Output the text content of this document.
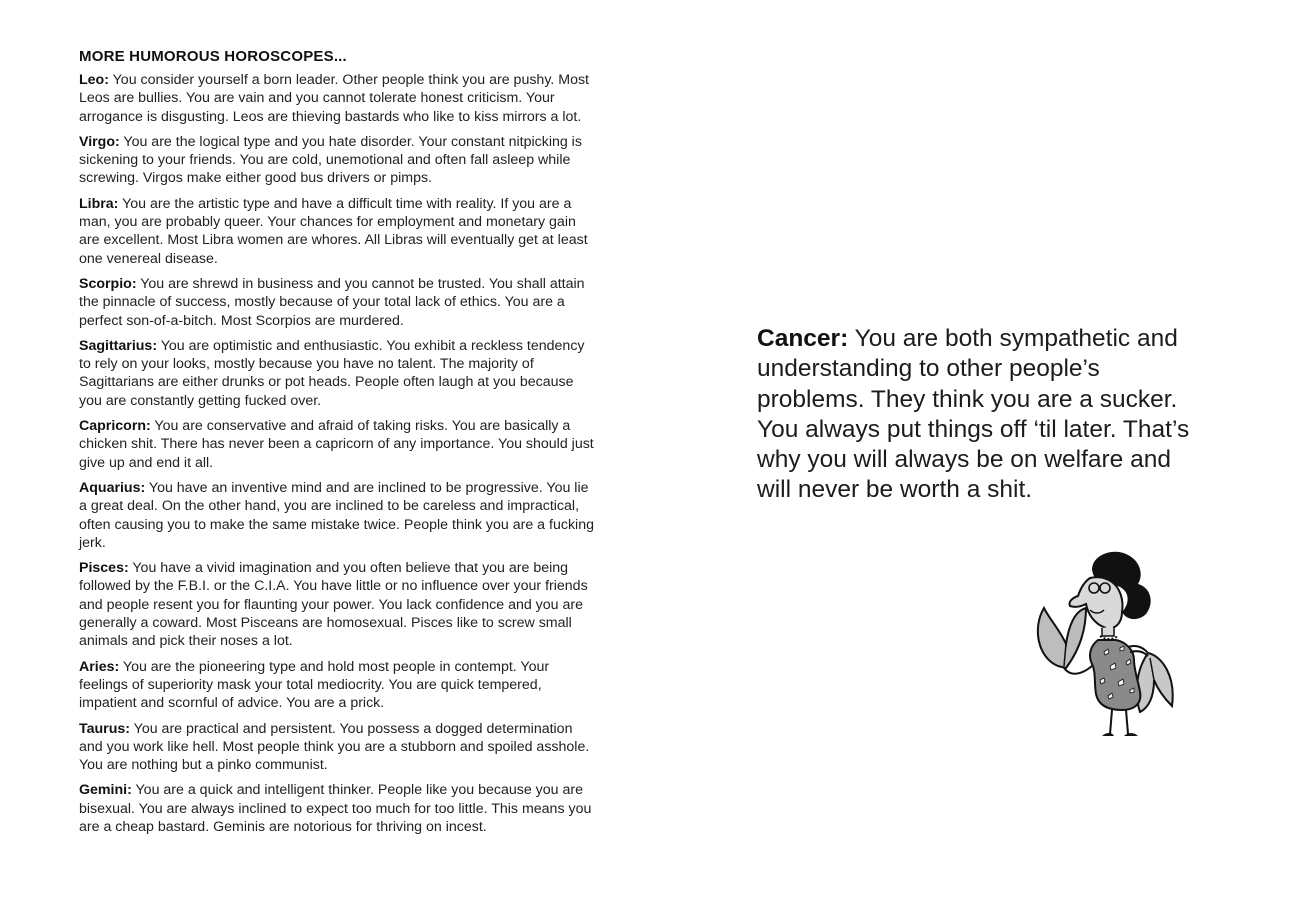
MORE HUMOROUS HOROSCOPES...

Leo: You consider yourself a born leader. Other people think you are pushy. Most Leos are bullies. You are vain and you cannot tolerate honest criticism. Your arrogance is disgusting. Leos are thieving bastards who like to kiss mirrors a lot.

Virgo: You are the logical type and you hate disorder. Your constant nitpicking is sickening to your friends. You are cold, unemotional and often fall asleep while screwing. Virgos make either good bus drivers or pimps.

Libra: You are the artistic type and have a difficult time with reality. If you are a man, you are probably queer. Your chances for employment and monetary gain are excellent. Most Libra women are whores. All Libras will eventually get at least one venereal disease.

Scorpio: You are shrewd in business and you cannot be trusted. You shall attain the pinnacle of success, mostly because of your total lack of ethics. You are a perfect son-of-a-bitch. Most Scorpios are murdered.

Sagittarius: You are optimistic and enthusiastic. You exhibit a reckless tendency to rely on your looks, mostly because you have no talent. The majority of Sagittarians are either drunks or pot heads. People often laugh at you because you are constantly getting fucked over.

Capricorn: You are conservative and afraid of taking risks. You are basically a chicken shit. There has never been a capricorn of any importance. You should just give up and end it all.

Aquarius: You have an inventive mind and are inclined to be progressive. You lie a great deal. On the other hand, you are inclined to be careless and impractical, often causing you to make the same mistake twice. People think you are a fucking jerk.

Pisces: You have a vivid imagination and you often believe that you are being followed by the F.B.I. or the C.I.A. You have little or no influence over your friends and people resent you for flaunting your power. You lack confidence and you are generally a coward. Most Pisceans are homosexual. Pisces like to screw small animals and pick their noses a lot.

Aries: You are the pioneering type and hold most people in contempt. Your feelings of superiority mask your total mediocrity. You are quick tempered, impatient and scornful of advice. You are a prick.

Taurus: You are practical and persistent. You possess a dogged determination and you work like hell. Most people think you are a stubborn and spoiled asshole. You are nothing but a pinko communist.

Gemini: You are a quick and intelligent thinker. People like you because you are bisexual. You are always inclined to expect too much for too little. This means you are a cheap bastard. Geminis are notorious for thriving on incest.

Cancer: You are both sympathetic and understanding to other people’s problems. They think you are a sucker. You always put things off ‘til later. That’s why you will always be on welfare and will never be worth a shit.
